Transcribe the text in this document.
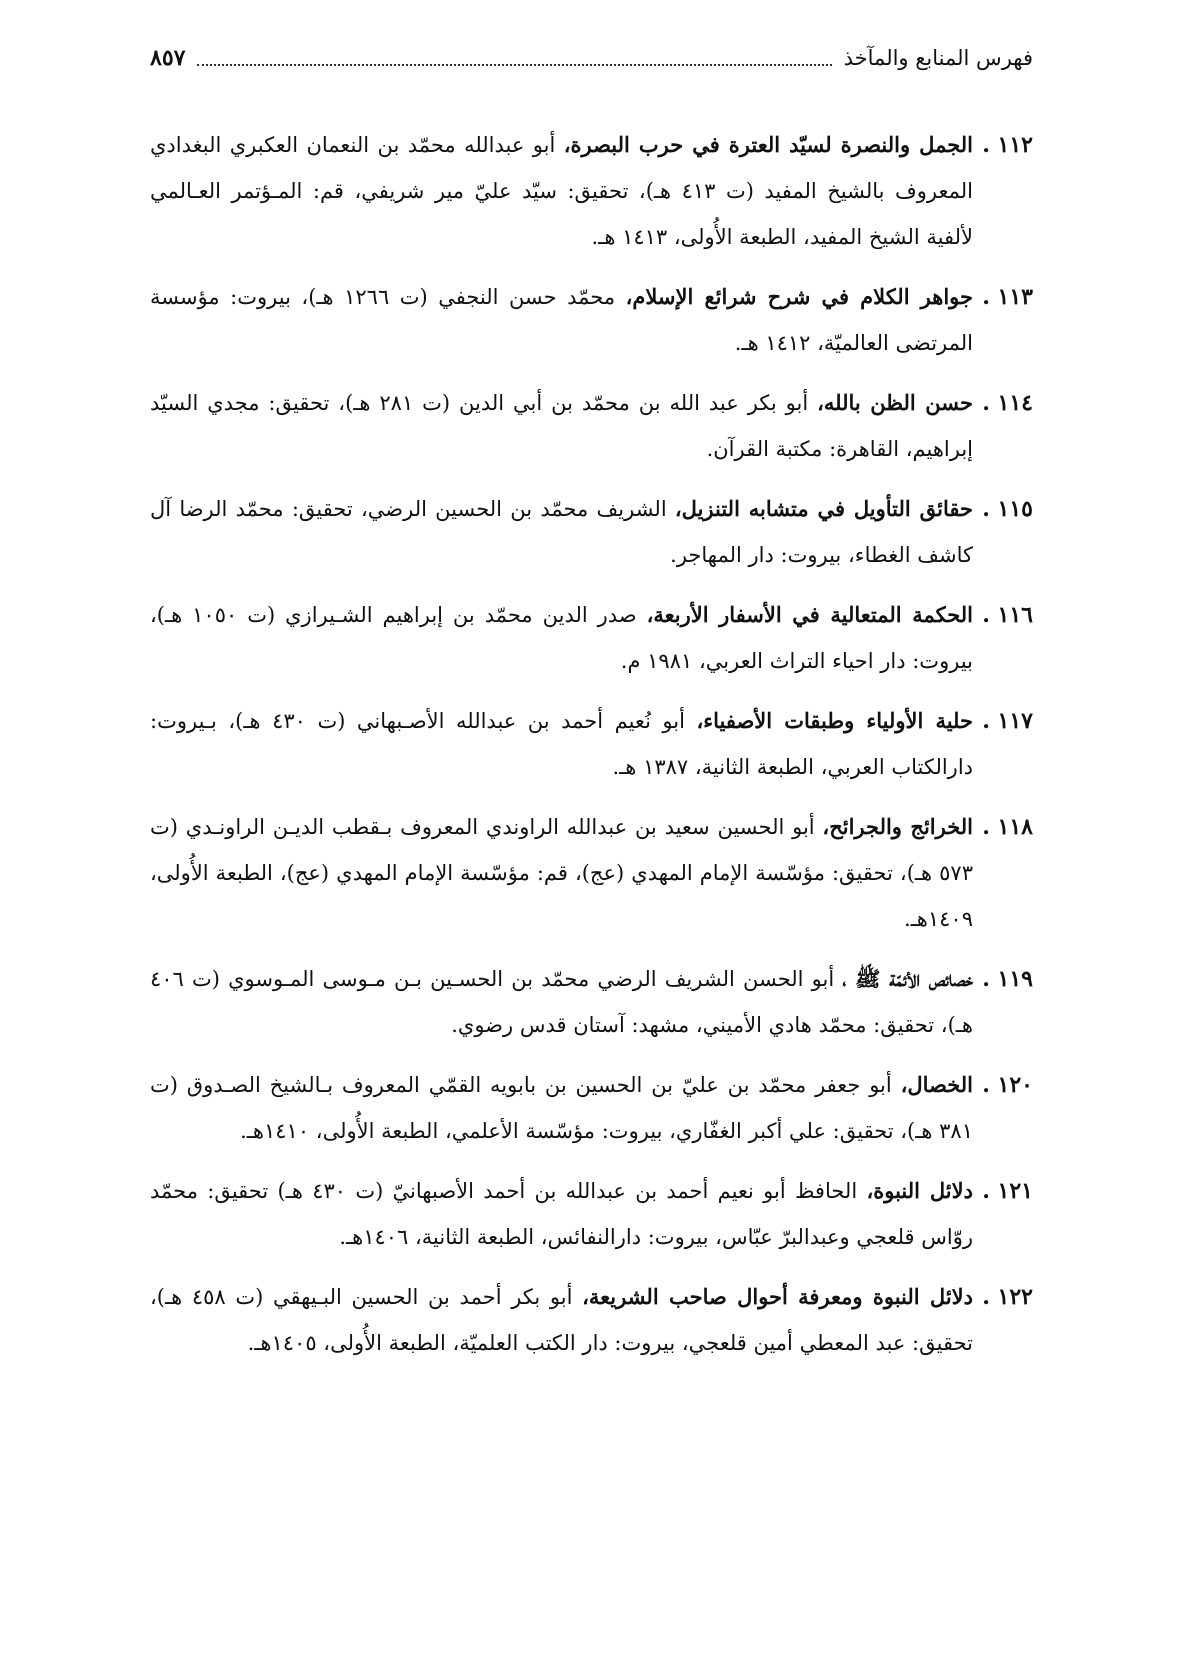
فهرس المنابع والمآخذ
٨٥٧
١١٢ .
الجمل والنصرة لسيّد العترة في حرب البصرة، أبو عبدالله محمّد بن النعمان العكبري البغدادي المعروف بالشيخ المفيد (ت ٤١٣ هـ)، تحقيق: سيّد عليّ مير شريفي، قم: المـؤتمر العـالمي لألفية الشيخ المفيد، الطبعة الأُولى، ١٤١٣ هـ.
١١٣ .
جواهر الكلام في شرح شرائع الإسلام، محمّد حسن النجفي (ت ١٢٦٦ هـ)، بيروت: مؤسسة المرتضى العالميّة، ١٤١٢ هـ.
١١٤ .
حسن الظن بالله، أبو بكر عبد الله بن محمّد بن أبي الدين (ت ٢٨١ هـ)، تحقيق: مجدي السيّد إبراهيم، القاهرة: مكتبة القرآن.
١١٥ .
حقائق التأويل في متشابه التنزيل، الشريف محمّد بن الحسين الرضي، تحقيق: محمّد الرضا آل كاشف الغطاء، بيروت: دار المهاجر.
١١٦ .
الحكمة المتعالية في الأسفار الأربعة، صدر الدين محمّد بن إبراهيم الشـيرازي (ت ١٠٥٠ هـ)، بيروت: دار احياء التراث العربي، ١٩٨١ م.
١١٧ .
حلية الأولياء وطبقات الأصفياء، أبو نُعيم أحمد بن عبدالله الأصـبهاني (ت ٤٣٠ هـ)، بـيروت: دارالكتاب العربي، الطبعة الثانية، ١٣٨٧ هـ.
١١٨ .
الخرائج والجرائح، أبو الحسين سعيد بن عبدالله الراوندي المعروف بـقطب الديـن الراونـدي (ت ٥٧٣ هـ)، تحقيق: مؤسّسة الإمام المهدي (عج)، قم: مؤسّسة الإمام المهدي (عج)، الطبعة الأُولى، ١٤٠٩هـ.
١١٩ .
خصائص الأئمّة ﷺ ، أبو الحسن الشريف الرضي محمّد بن الحسـين بـن مـوسى المـوسوي (ت ٤٠٦ هـ)، تحقيق: محمّد هادي الأميني، مشهد: آستان قدس رضوي.
١٢٠ .
الخصال، أبو جعفر محمّد بن عليّ بن الحسين بن بابويه القمّي المعروف بـالشيخ الصـدوق (ت ٣٨١ هـ)، تحقيق: علي أكبر الغفّاري، بيروت: مؤسّسة الأعلمي، الطبعة الأُولى، ١٤١٠هـ.
١٢١ .
دلائل النبوة، الحافظ أبو نعيم أحمد بن عبدالله بن أحمد الأصبهانيّ (ت ٤٣٠ هـ) تحقيق: محمّد روّاس قلعجي وعبدالبرّ عبّاس، بيروت: دارالنفائس، الطبعة الثانية، ١٤٠٦هـ.
١٢٢ .
دلائل النبوة ومعرفة أحوال صاحب الشريعة، أبو بكر أحمد بن الحسين البـيهقي (ت ٤٥٨ هـ)، تحقيق: عبد المعطي أمين قلعجي، بيروت: دار الكتب العلميّة، الطبعة الأُولى، ١٤٠٥هـ.
